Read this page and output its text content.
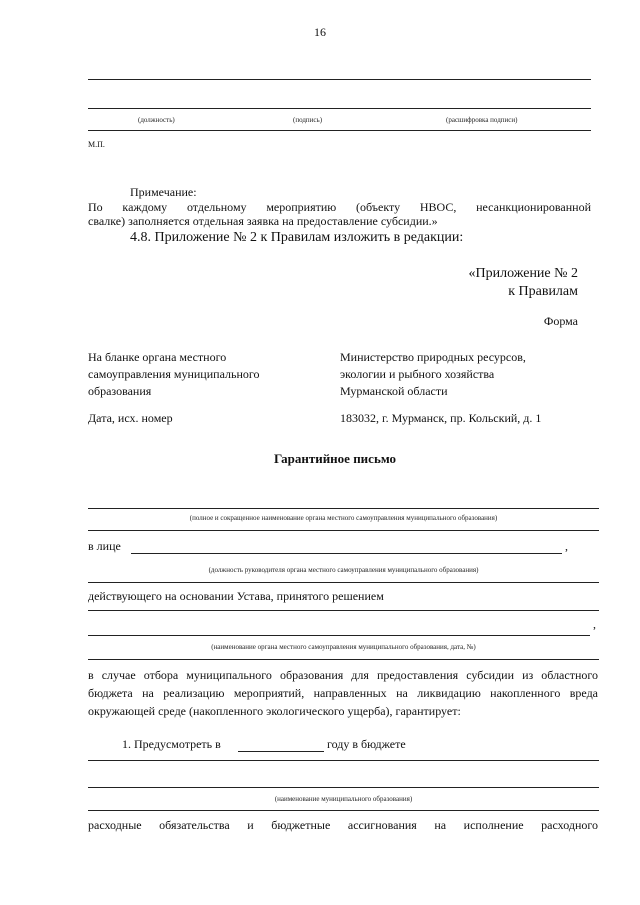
16
(должность)	(подпись)	(расшифровка подписи)
М.П.
Примечание:
По каждому отдельному мероприятию (объекту НВОС, несанкционированной
свалке) заполняется отдельная заявка на предоставление субсидии.»
4.8. Приложение № 2 к Правилам изложить в редакции:
«Приложение № 2
к Правилам
Форма
На бланке органа местного
самоуправления муниципального
образования
Дата, исх. номер
Министерство природных ресурсов,
экологии и рыбного хозяйства
Мурманской области
183032, г. Мурманск, пр. Кольский, д. 1
Гарантийное письмо
(полное и сокращенное наименование органа местного самоуправления муниципального образования)
в лице	,
(должность руководителя органа местного самоуправления муниципального образования)
действующего на основании Устава, принятого решением
,
(наименование органа местного самоуправления муниципального образования, дата, №)
в случае отбора муниципального образования для предоставления субсидии из областного
бюджета на реализацию мероприятий, направленных на ликвидацию накопленного вреда
окружающей среде (накопленного экологического ущерба), гарантирует:
1. Предусмотреть в	году в бюджете
(наименование муниципального образования)
расходные обязательства и бюджетные ассигнования на исполнение расходного
